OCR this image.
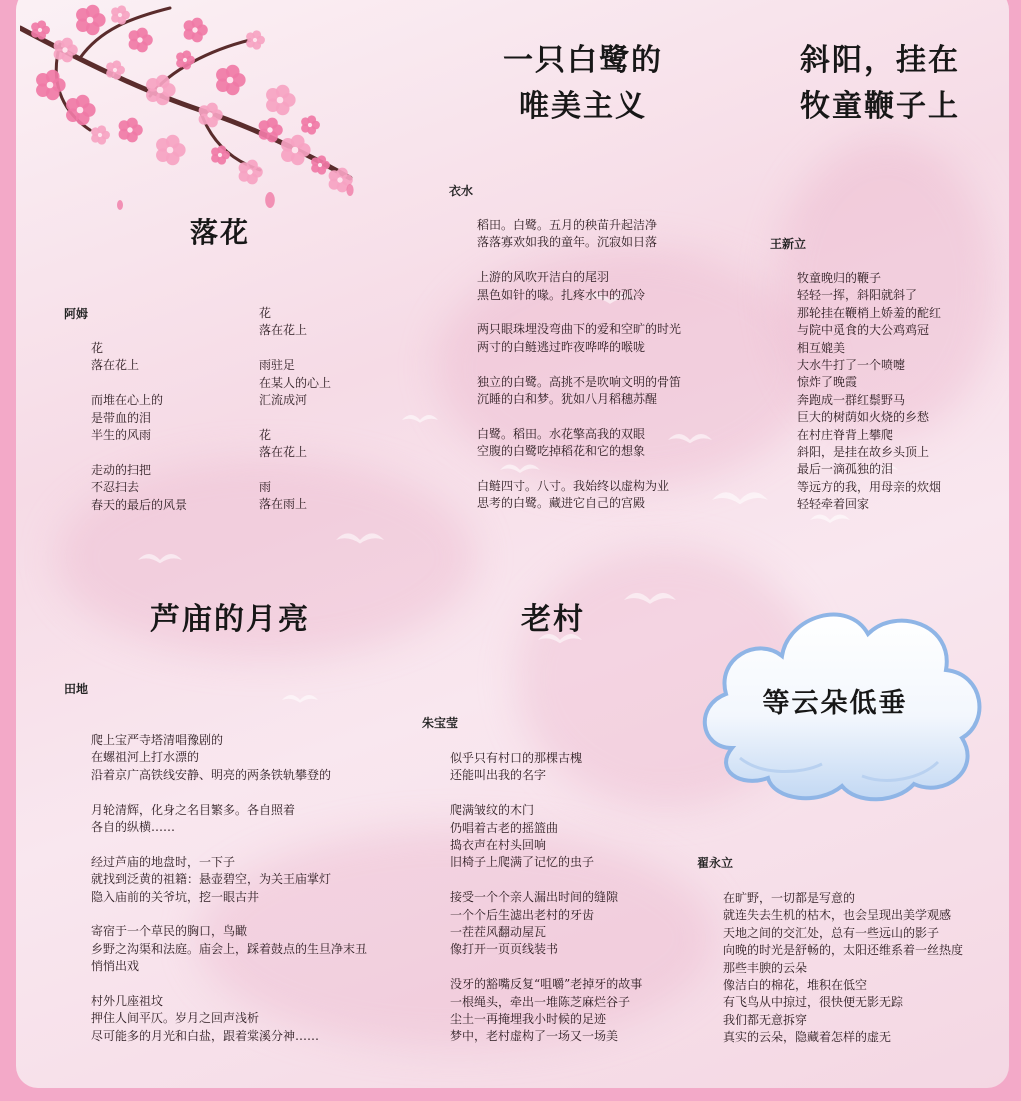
落花
一只白鹭的
唯美主义
斜阳，挂在
牧童鞭子上
芦庙的月亮	老村
等云朵低垂
阿姆
衣水
王新立
田地
朱宝莹
翟永立
花
落在花上
而堆在心上的
是带血的泪
半生的风雨
走动的扫把
不忍扫去
春天的最后的风景
花
落在花上
雨驻足
在某人的心上
汇流成河
花
落在花上
雨
落在雨上
稻田。白鹭。五月的秧苗升起洁净
落落寡欢如我的童年。沉寂如日落
上游的风吹开洁白的尾羽
黑色如针的喙。扎疼水中的孤冷
两只眼珠埋没弯曲下的爱和空旷的时光
两寸的白鲢逃过昨夜哗哗的喉咙
独立的白鹭。高挑不是吹响文明的骨笛
沉睡的白和梦。犹如八月稻穗苏醒
白鹭。稻田。水花擎高我的双眼
空腹的白鹭吃掉稻花和它的想象
白鲢四寸。八寸。我始终以虚构为业
思考的白鹭。藏进它自己的宫殿
牧童晚归的鞭子
轻轻一挥，斜阳就斜了
那轮挂在鞭梢上娇羞的酡红
与院中觅食的大公鸡鸡冠
相互媲美
大水牛打了一个喷嚏
惊炸了晚霞
奔跑成一群红鬃野马
巨大的树荫如火烧的乡愁
在村庄脊背上攀爬
斜阳，是挂在故乡头顶上
最后一滴孤独的泪
等远方的我，用母亲的炊烟
轻轻牵着回家
爬上宝严寺塔清唱豫剧的
在螺祖河上打水漂的
沿着京广高铁线安静、明亮的两条铁轨攀登的
月轮清辉，化身之名目繁多。各自照着
各自的纵横……
经过芦庙的地盘时，一下子
就找到泛黄的祖籍：悬壶碧空，为关王庙掌灯
隐入庙前的关爷坑，挖一眼古井
寄宿于一个草民的胸口，鸟瞰
乡野之沟渠和法庭。庙会上，踩着鼓点的生旦净末丑
悄悄出戏
村外几座祖坟
押住人间平仄。岁月之回声浅析
尽可能多的月光和白盐，跟着棠溪分神……
似乎只有村口的那棵古槐
还能叫出我的名字
爬满皱纹的木门
仍唱着古老的摇篮曲
捣衣声在村头回响
旧椅子上爬满了记忆的虫子
接受一个个亲人漏出时间的缝隙
一个个后生滤出老村的牙齿
一茬茬风翻动屋瓦
像打开一页页线装书
没牙的豁嘴反复“咀嚼”老掉牙的故事
一根绳头，牵出一堆陈芝麻烂谷子
尘土一再掩埋我小时候的足迹
梦中，老村虚构了一场又一场美
在旷野，一切都是写意的
就连失去生机的枯木，也会呈现出美学观感
天地之间的交汇处，总有一些远山的影子
向晚的时光是舒畅的，太阳还维系着一丝热度
那些丰腴的云朵
像洁白的棉花，堆积在低空
有飞鸟从中掠过，很快便无影无踪
我们都无意拆穿
真实的云朵，隐藏着怎样的虚无
